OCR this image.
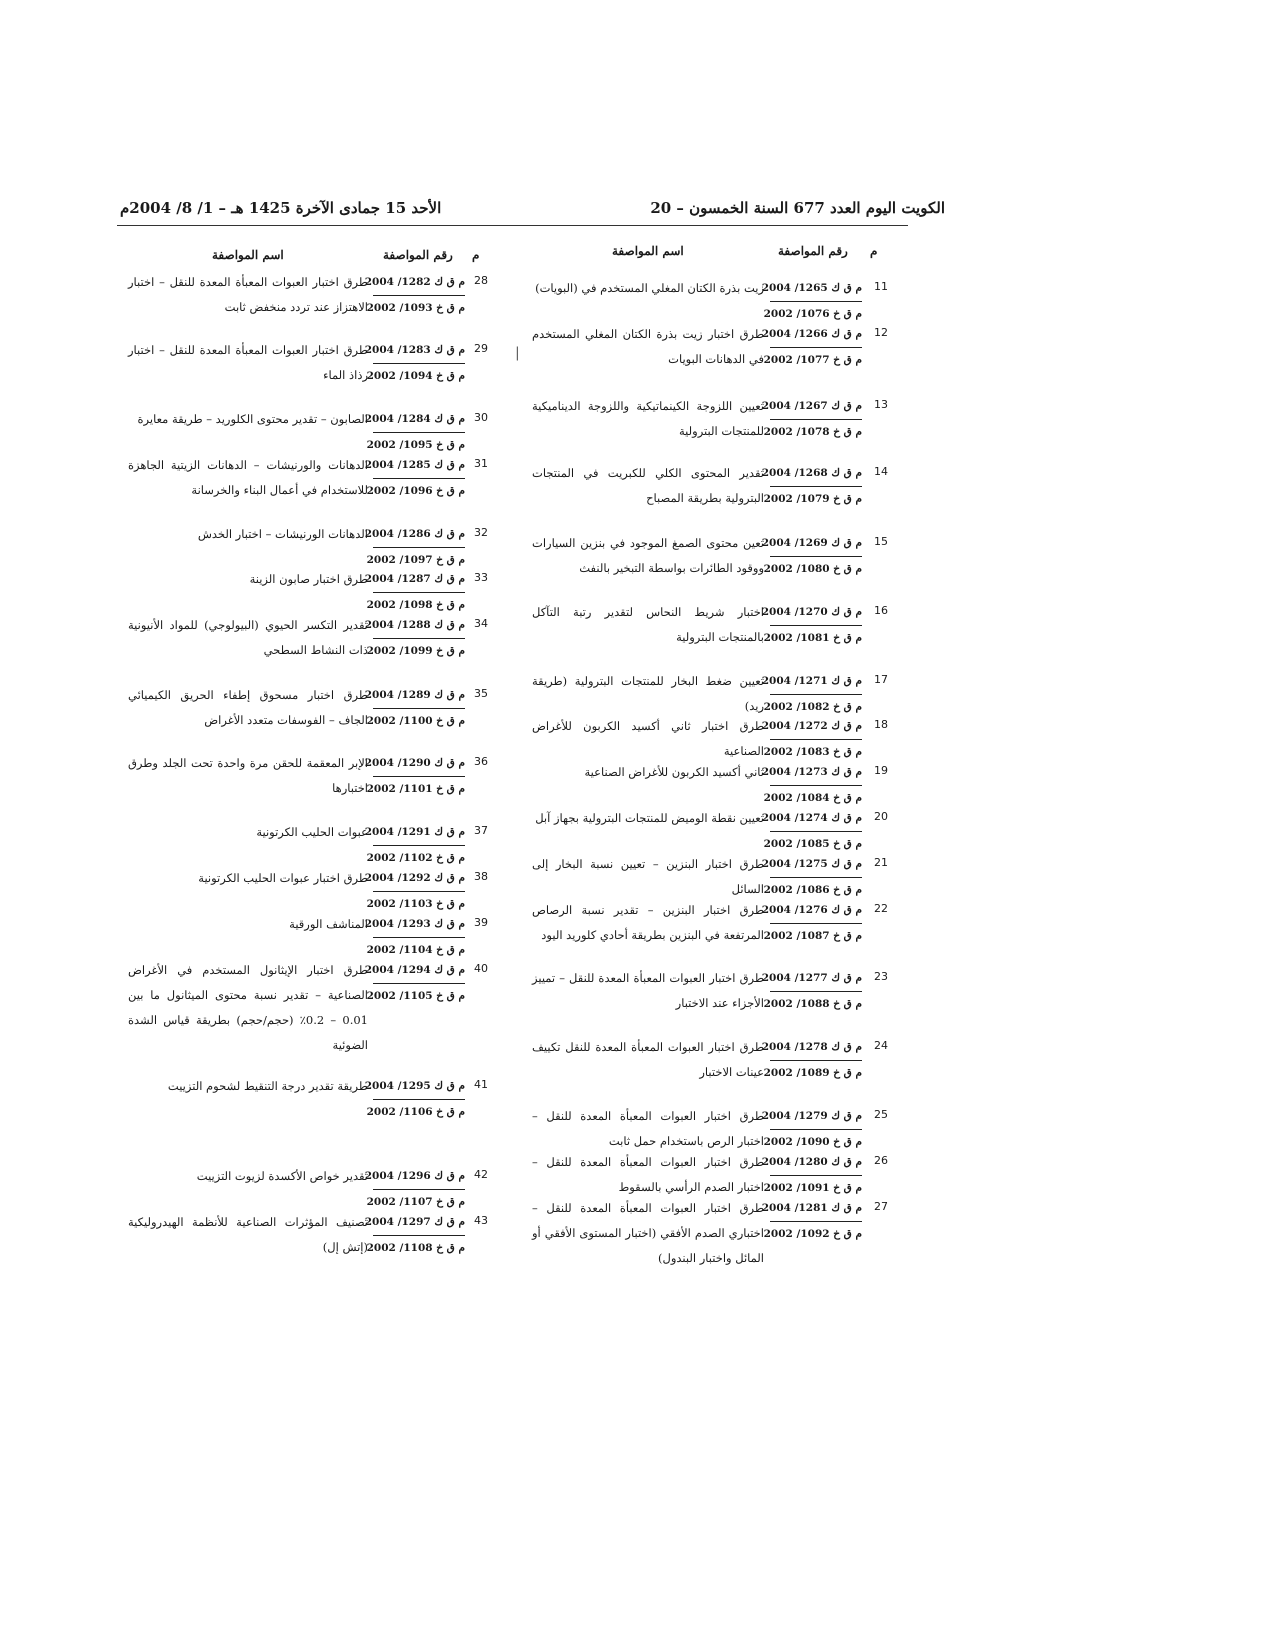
الكويت اليوم العدد 677 السنة الخمسون – 20
الأحد 15 جمادى الآخرة 1425 هـ – 1/ 8/ 2004م
م
رقم المواصفة
اسم المواصفة
م
رقم المواصفة
اسم المواصفة
11
م ق ك 1265/ 2004
م ق خ 1076/ 2002
زيت بذرة الكتان المغلي المستخدم في (البويات)
12
م ق ك 1266/ 2004
م ق خ 1077/ 2002
طرق اختبار زيت بذرة الكتان المغلي المستخدم في الدهانات البويات
13
م ق ك 1267/ 2004
م ق خ 1078/ 2002
تعيين اللزوجة الكينماتيكية واللزوجة الديناميكية للمنتجات البترولية
14
م ق ك 1268/ 2004
م ق خ 1079/ 2002
تقدير المحتوى الكلي للكبريت في المنتجات البترولية بطريقة المصباح
15
م ق ك 1269/ 2004
م ق خ 1080/ 2002
تعين محتوى الصمغ الموجود في بنزين السيارات ووقود الطائرات بواسطة التبخير بالنفث
16
م ق ك 1270/ 2004
م ق خ 1081/ 2002
اختبار شريط النحاس لتقدير رتبة التآكل بالمنتجات البترولية
17
م ق ك 1271/ 2004
م ق خ 1082/ 2002
تعيين ضغط البخار للمنتجات البترولية (طريقة ريد)
18
م ق ك 1272/ 2004
م ق خ 1083/ 2002
طرق اختبار ثاني أكسيد الكربون للأغراض الصناعية
19
م ق ك 1273/ 2004
م ق خ 1084/ 2002
ثاني أكسيد الكربون للأغراض الصناعية
20
م ق ك 1274/ 2004
م ق خ 1085/ 2002
تعيين نقطة الوميض للمنتجات البترولية بجهاز آبل
21
م ق ك 1275/ 2004
م ق خ 1086/ 2002
طرق اختبار البنزين – تعيين نسبة البخار إلى السائل
22
م ق ك 1276/ 2004
م ق خ 1087/ 2002
طرق اختبار البنزين – تقدير نسبة الرصاص المرتفعة في البنزين بطريقة أحادي كلوريد اليود
23
م ق ك 1277/ 2004
م ق خ 1088/ 2002
طرق اختبار العبوات المعبأة المعدة للنقل – تمييز الأجزاء عند الاختبار
24
م ق ك 1278/ 2004
م ق خ 1089/ 2002
طرق اختبار العبوات المعبأة المعدة للنقل تكييف عينات الاختبار
25
م ق ك 1279/ 2004
م ق خ 1090/ 2002
طرق اختبار العبوات المعبأة المعدة للنقل – اختبار الرص باستخدام حمل ثابت
26
م ق ك 1280/ 2004
م ق خ 1091/ 2002
طرق اختبار العبوات المعبأة المعدة للنقل – اختبار الصدم الرأسي بالسقوط
27
م ق ك 1281/ 2004
م ق خ 1092/ 2002
طرق اختبار العبوات المعبأة المعدة للنقل – اختباري الصدم الأفقي (اختبار المستوى الأفقي أو المائل واختبار البندول)
28
م ق ك 1282/ 2004
م ق خ 1093/ 2002
طرق اختبار العبوات المعبأة المعدة للنقل – اختبار الاهتزاز عند تردد منخفض ثابت
29
م ق ك 1283/ 2004
م ق خ 1094/ 2002
طرق اختبار العبوات المعبأة المعدة للنقل – اختبار رذاذ الماء
30
م ق ك 1284/ 2004
م ق خ 1095/ 2002
الصابون – تقدير محتوى الكلوريد – طريقة معايرة
31
م ق ك 1285/ 2004
م ق خ 1096/ 2002
الدهانات والورنيشات – الدهانات الزيتية الجاهزة للاستخدام في أعمال البناء والخرسانة
32
م ق ك 1286/ 2004
م ق خ 1097/ 2002
الدهانات الورنيشات – اختبار الخدش
33
م ق ك 1287/ 2004
م ق خ 1098/ 2002
طرق اختبار صابون الزينة
34
م ق ك 1288/ 2004
م ق خ 1099/ 2002
تقدير التكسر الحيوي (البيولوجي) للمواد الأنيونية ذات النشاط السطحي
35
م ق ك 1289/ 2004
م ق خ 1100/ 2002
طرق اختبار مسحوق إطفاء الحريق الكيميائي الجاف – الفوسفات متعدد الأغراض
36
م ق ك 1290/ 2004
م ق خ 1101/ 2002
الإبر المعقمة للحقن مرة واحدة تحت الجلد وطرق اختبارها
37
م ق ك 1291/ 2004
م ق خ 1102/ 2002
عبوات الحليب الكرتونية
38
م ق ك 1292/ 2004
م ق خ 1103/ 2002
طرق اختبار عبوات الحليب الكرتونية
39
م ق ك 1293/ 2004
م ق خ 1104/ 2002
المناشف الورقية
40
م ق ك 1294/ 2004
م ق خ 1105/ 2002
طرق اختبار الإيثانول المستخدم في الأغراض الصناعية – تقدير نسبة محتوى الميثانول ما بين 0.01 – 0.2٪ (حجم/حجم) بطريقة قياس الشدة الضوئية
41
م ق ك 1295/ 2004
م ق خ 1106/ 2002
طريقة تقدير درجة التنقيط لشحوم التزييت
42
م ق ك 1296/ 2004
م ق خ 1107/ 2002
تقدير خواص الأكسدة لزيوت التزييت
43
م ق ك 1297/ 2004
م ق خ 1108/ 2002
تصنيف المؤثرات الصناعية للأنظمة الهيدروليكية (إتش إل)
|
